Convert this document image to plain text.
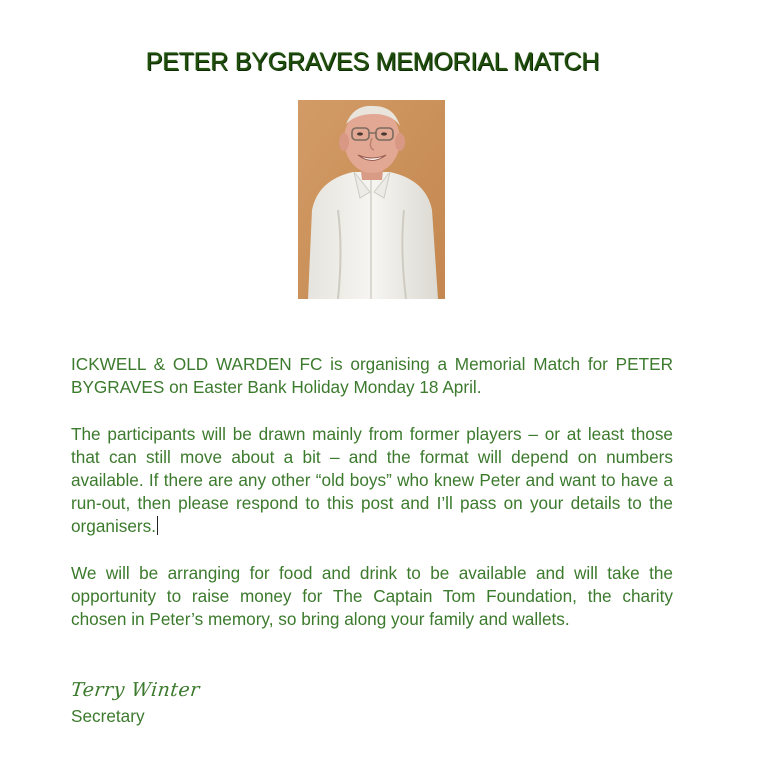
PETER BYGRAVES MEMORIAL MATCH

ICKWELL & OLD WARDEN FC is organising a Memorial Match for PETER BYGRAVES on Easter Bank Holiday Monday 18 April.

The participants will be drawn mainly from former players – or at least those that can still move about a bit – and the format will depend on numbers available. If there are any other “old boys” who knew Peter and want to have a run-out, then please respond to this post and I’ll pass on your details to the organisers.

We will be arranging for food and drink to be available and will take the opportunity to raise money for The Captain Tom Foundation, the charity chosen in Peter’s memory, so bring along your family and wallets.

Terry Winter
Secretary
